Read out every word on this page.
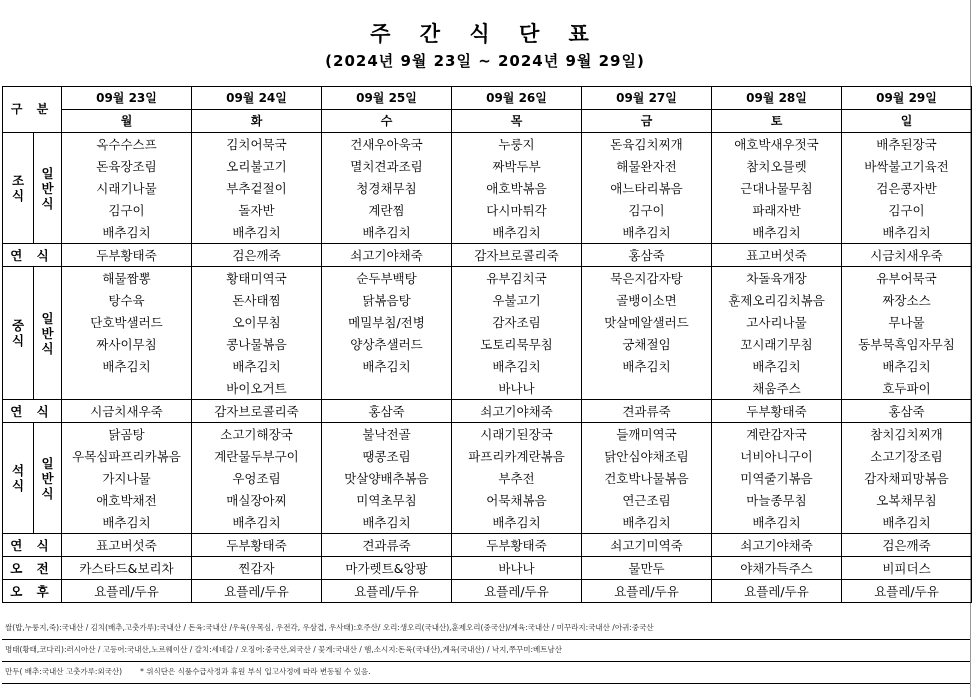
주 간 식 단 표
(2024년 9월 23일 ~ 2024년 9월 29일)
구 분		09월 23일	09월 24일	09월 25일	09월 26일	09월 27일	09월 28일	09월 29일
		월	화	수	목	금	토	일
조
식	일
반
식	옥수수스프	김치어묵국	건새우아욱국	누룽지	돈육김치찌개	애호박새우젓국	배추된장국
		돈육장조림	오리불고기	멸치견과조림	짜박두부	해물완자전	참치오믈렛	바싹불고기육전
		시래기나물	부추겉절이	청경채무침	애호박볶음	애느타리볶음	근대나물무침	검은콩자반
		김구이	돌자반	계란찜	다시마튀각	김구이	파래자반	김구이
		배추김치	배추김치	배추김치	배추김치	배추김치	배추김치	배추김치
연 식		두부황태죽	검은깨죽	쇠고기야채죽	감자브로콜리죽	홍삼죽	표고버섯죽	시금치새우죽
중
식	일
반
식	해물짬뽕	황태미역국	순두부백탕	유부김치국	묵은지감자탕	차돌육개장	유부어묵국
		탕수육	돈사태찜	닭볶음탕	우불고기	골뱅이소면	훈제오리김치볶음	짜장소스
		단호박샐러드	오이무침	메밀부침/전병	감자조림	맛살메알샐러드	고사리나물	무나물
		짜사이무침	콩나물볶음	양상추샐러드	도토리묵무침	궁채절임	꼬시래기무침	동부묵흑임자무침
		배추김치	배추김치	배추김치	배추김치	배추김치	배추김치	배추김치
			바이오거트		바나나		채움주스	호두파이
연 식		시금치새우죽	감자브로콜리죽	홍삼죽	쇠고기야채죽	견과류죽	두부황태죽	홍삼죽
석
식	일
반
식	닭곰탕	소고기해장국	불낙전골	시래기된장국	들깨미역국	계란감자국	참치김치찌개
		우목심파프리카볶음	계란물두부구이	땡콩조림	파프리카계란볶음	닭안심야채조림	너비아니구이	소고기장조림
		가지나물	우엉조림	맛살양배추볶음	부추전	건호박나물볶음	미역줄기볶음	감자채피망볶음
		애호박채전	매실장아찌	미역초무침	어묵채볶음	연근조림	마늘종무침	오복채무침
		배추김치	배추김치	배추김치	배추김치	배추김치	배추김치	배추김치
연 식		표고버섯죽	두부황태죽	견과류죽	두부황태죽	쇠고기미역죽	쇠고기야채죽	검은깨죽
오 전		카스타드&보리차	찐감자	마가렛트&앙팡	바나나	물만두	야채가득주스	비피더스
오 후		요플레/두유	요플레/두유	요플레/두유	요플레/두유	요플레/두유	요플레/두유	요플레/두유
쌀(밥,누룽지,죽):국내산 / 김치(배추,고춧가루):국내산 / 돈육:국내산 /우육(우목심, 우전각, 우삼겹, 우사태):호주산/ 오리:생오리(국내산),훈제오리(중국산)/계육:국내산 / 미꾸라지:국내산 /아귀:중국산
명태(황태,코다리):러시아산 / 고등어:국내산,노르웨이산 / 갈치:세네갈 / 오징어:중국산,외국산 / 꽃게:국내산 / 햄,소시지:돈육(국내산),계육(국내산) / 낙지,쭈꾸미:베트남산
만두( 배추:국내산 고춧가루:외국산) * 위식단은 식품수급사정과 휴원 부식 입고사정에 따라 변동될 수 있음.
